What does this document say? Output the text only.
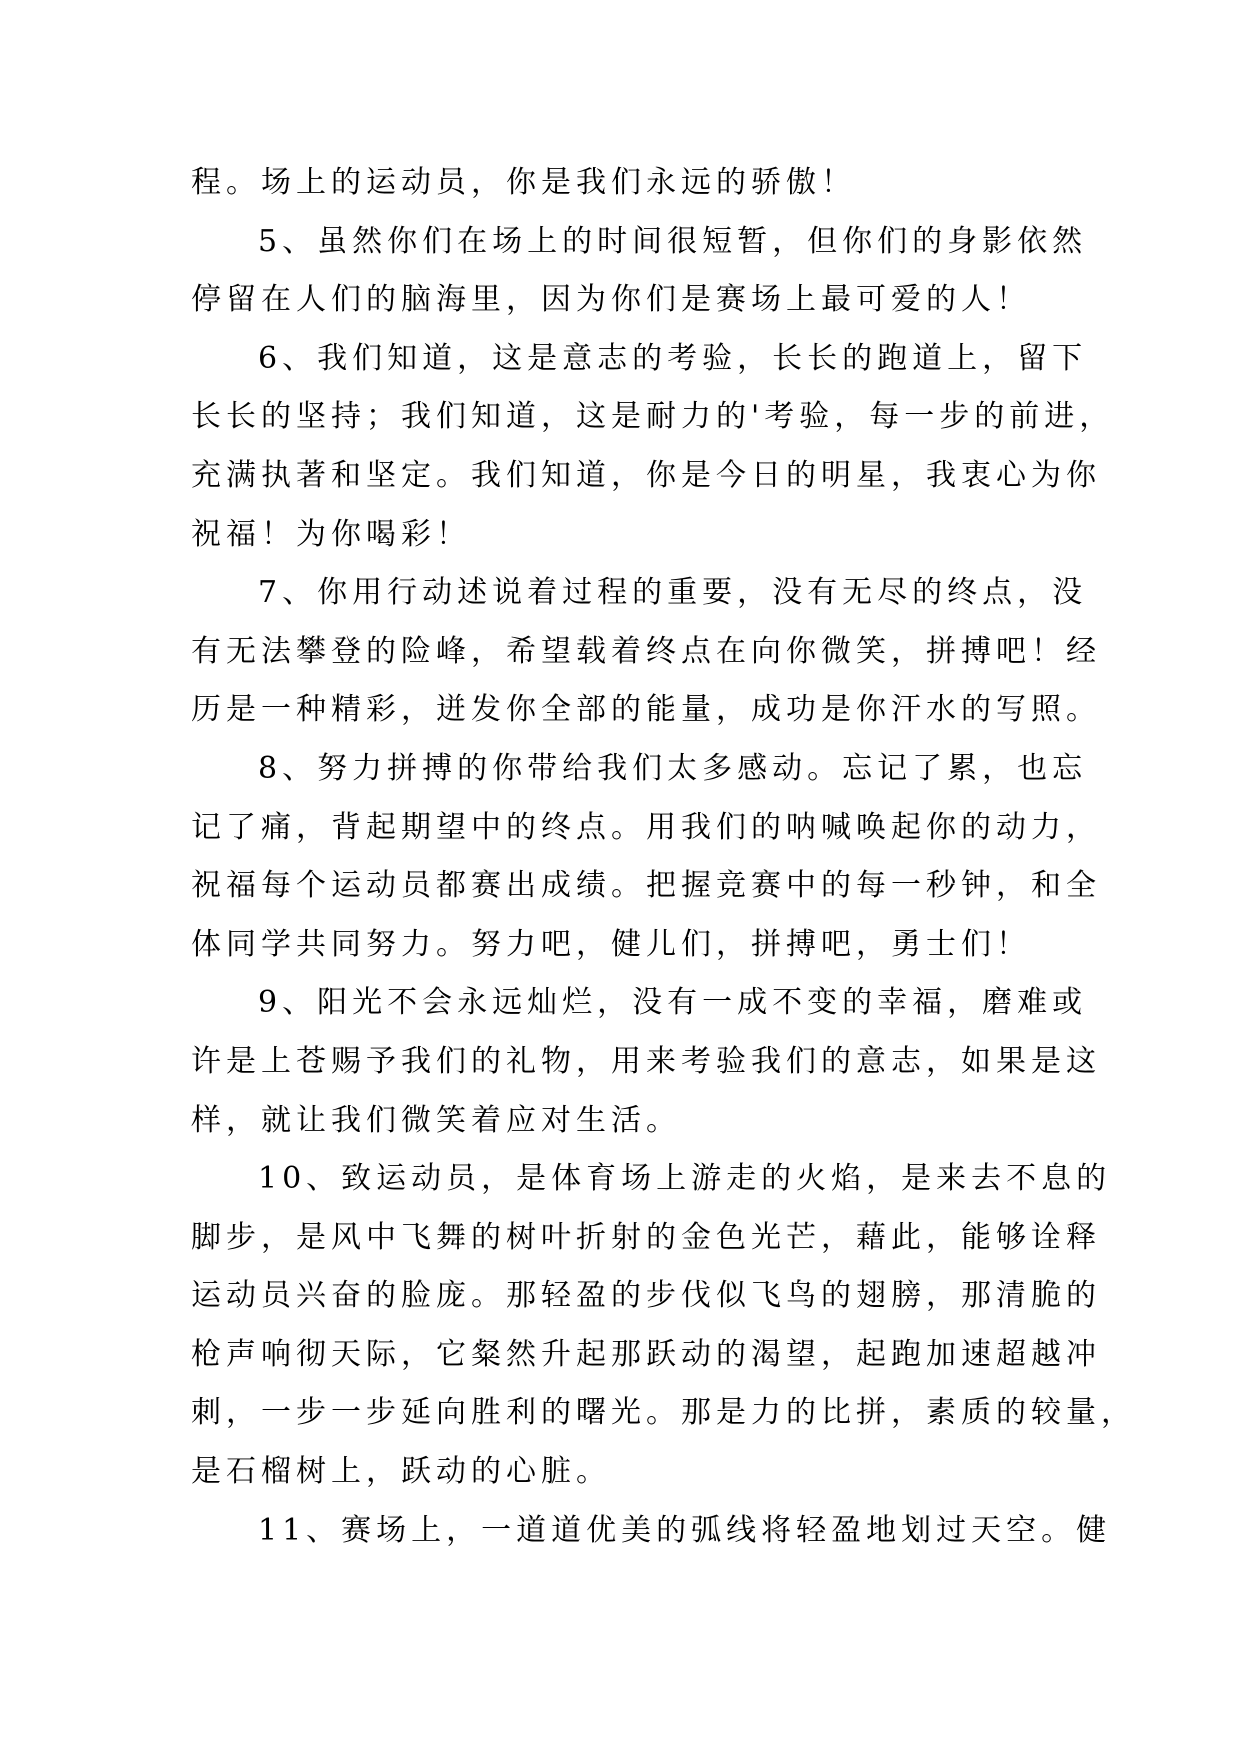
程。场上的运动员，你是我们永远的骄傲！
5、虽然你们在场上的时间很短暂，但你们的身影依然
停留在人们的脑海里，因为你们是赛场上最可爱的人！
6、我们知道，这是意志的考验，长长的跑道上，留下
长长的坚持；我们知道，这是耐力的'考验，每一步的前进，
充满执著和坚定。我们知道，你是今日的明星，我衷心为你
祝福！为你喝彩！
7、你用行动述说着过程的重要，没有无尽的终点，没
有无法攀登的险峰，希望载着终点在向你微笑，拼搏吧！经
历是一种精彩，迸发你全部的能量，成功是你汗水的写照。
8、努力拼搏的你带给我们太多感动。忘记了累，也忘
记了痛，背起期望中的终点。用我们的呐喊唤起你的动力，
祝福每个运动员都赛出成绩。把握竞赛中的每一秒钟，和全
体同学共同努力。努力吧，健儿们，拼搏吧，勇士们！
9、阳光不会永远灿烂，没有一成不变的幸福，磨难或
许是上苍赐予我们的礼物，用来考验我们的意志，如果是这
样，就让我们微笑着应对生活。
10、致运动员，是体育场上游走的火焰，是来去不息的
脚步，是风中飞舞的树叶折射的金色光芒，藉此，能够诠释
运动员兴奋的脸庞。那轻盈的步伐似飞鸟的翅膀，那清脆的
枪声响彻天际，它粲然升起那跃动的渴望，起跑加速超越冲
刺，一步一步延向胜利的曙光。那是力的比拼，素质的较量，
是石榴树上，跃动的心脏。
11、赛场上，一道道优美的弧线将轻盈地划过天空。健
